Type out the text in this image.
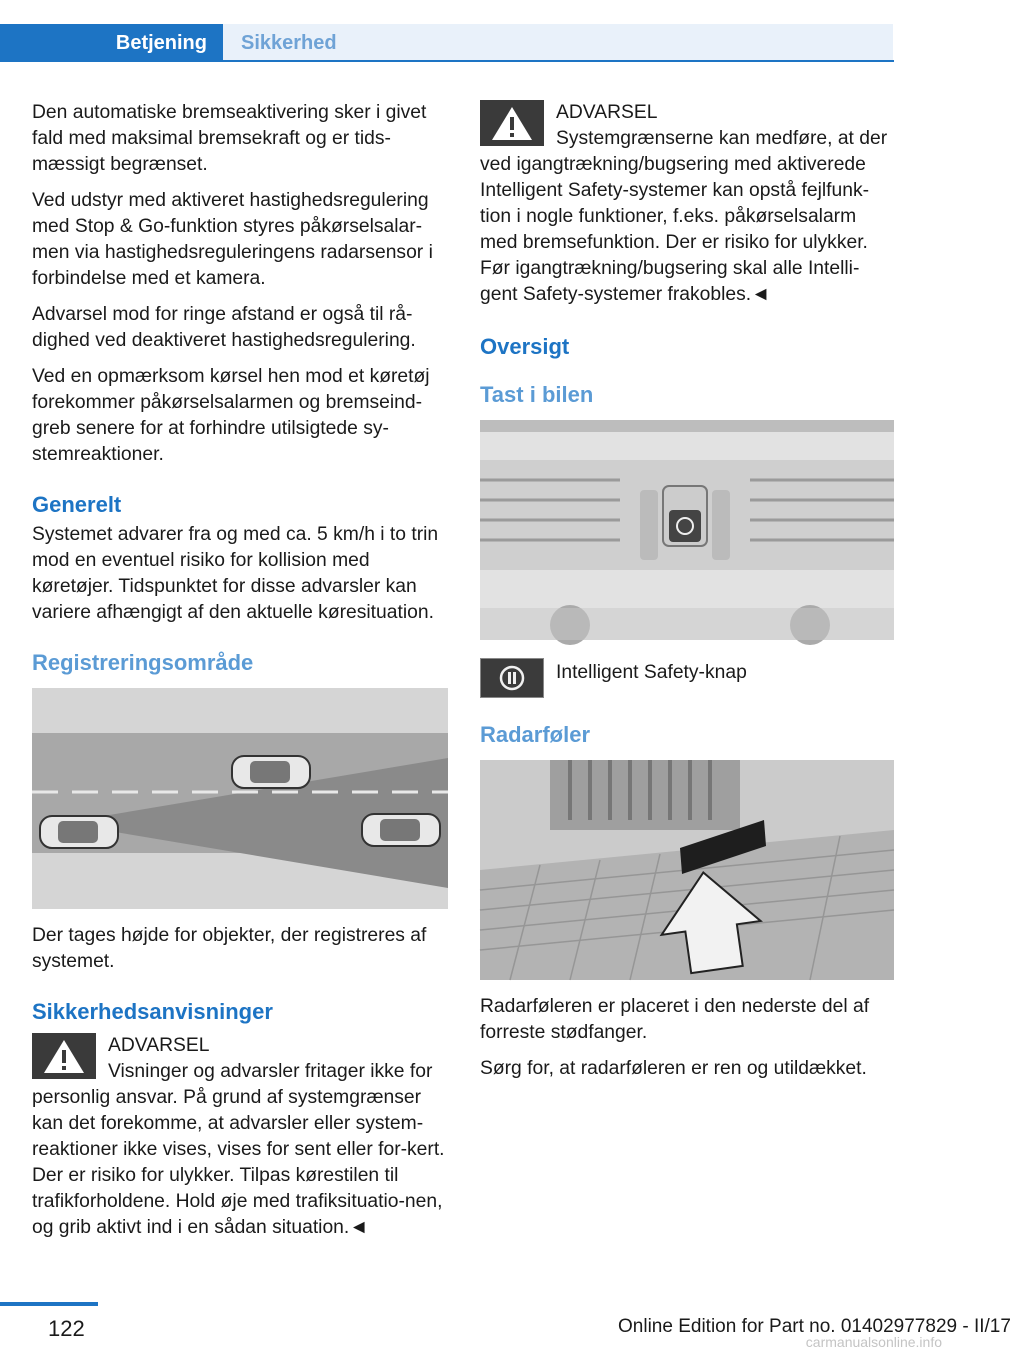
Betjening	Sikkerhed

Den automatiske bremseaktivering sker i givet fald med maksimal bremsekraft og er tids-mæssigt begrænset.

Ved udstyr med aktiveret hastighedsregulering med Stop & Go-funktion styres påkørselsalar-men via hastighedsreguleringens radarsensor i forbindelse med et kamera.

Advarsel mod for ringe afstand er også til rå-dighed ved deaktiveret hastighedsregulering.

Ved en opmærksom kørsel hen mod et køretøj forekommer påkørselsalarmen og bremseind-greb senere for at forhindre utilsigtede sy-stemreaktioner.

Generelt

Systemet advarer fra og med ca. 5 km/h i to trin mod en eventuel risiko for kollision med køretøjer. Tidspunktet for disse advarsler kan variere afhængigt af den aktuelle køresituation.

Registreringsområde

Der tages højde for objekter, der registreres af systemet.

Sikkerhedsanvisninger
ADVARSEL
Visninger og advarsler fritager ikke for personlig ansvar. På grund af systemgrænser kan det forekomme, at advarsler eller system-reaktioner ikke vises, vises for sent eller for-kert. Der er risiko for ulykker. Tilpas kørestilen til trafikforholdene. Hold øje med trafiksituatio-nen, og grib aktivt ind i en sådan situation.◄
ADVARSEL
Systemgrænserne kan medføre, at der ved igangtrækning/bugsering med aktiverede Intelligent Safety-systemer kan opstå fejlfunk-tion i nogle funktioner, f.eks. påkørselsalarm med bremsefunktion. Der er risiko for ulykker. Før igangtrækning/bugsering skal alle Intelli-gent Safety-systemer frakobles.◄
Oversigt
Tast i bilen
Intelligent Safety-knap
Radarføler

Radarføleren er placeret i den nederste del af forreste stødfanger.

Sørg for, at radarføleren er ren og utildækket.

122	Online Edition for Part no. 01402977829 - II/17
carmanualsonline.info
